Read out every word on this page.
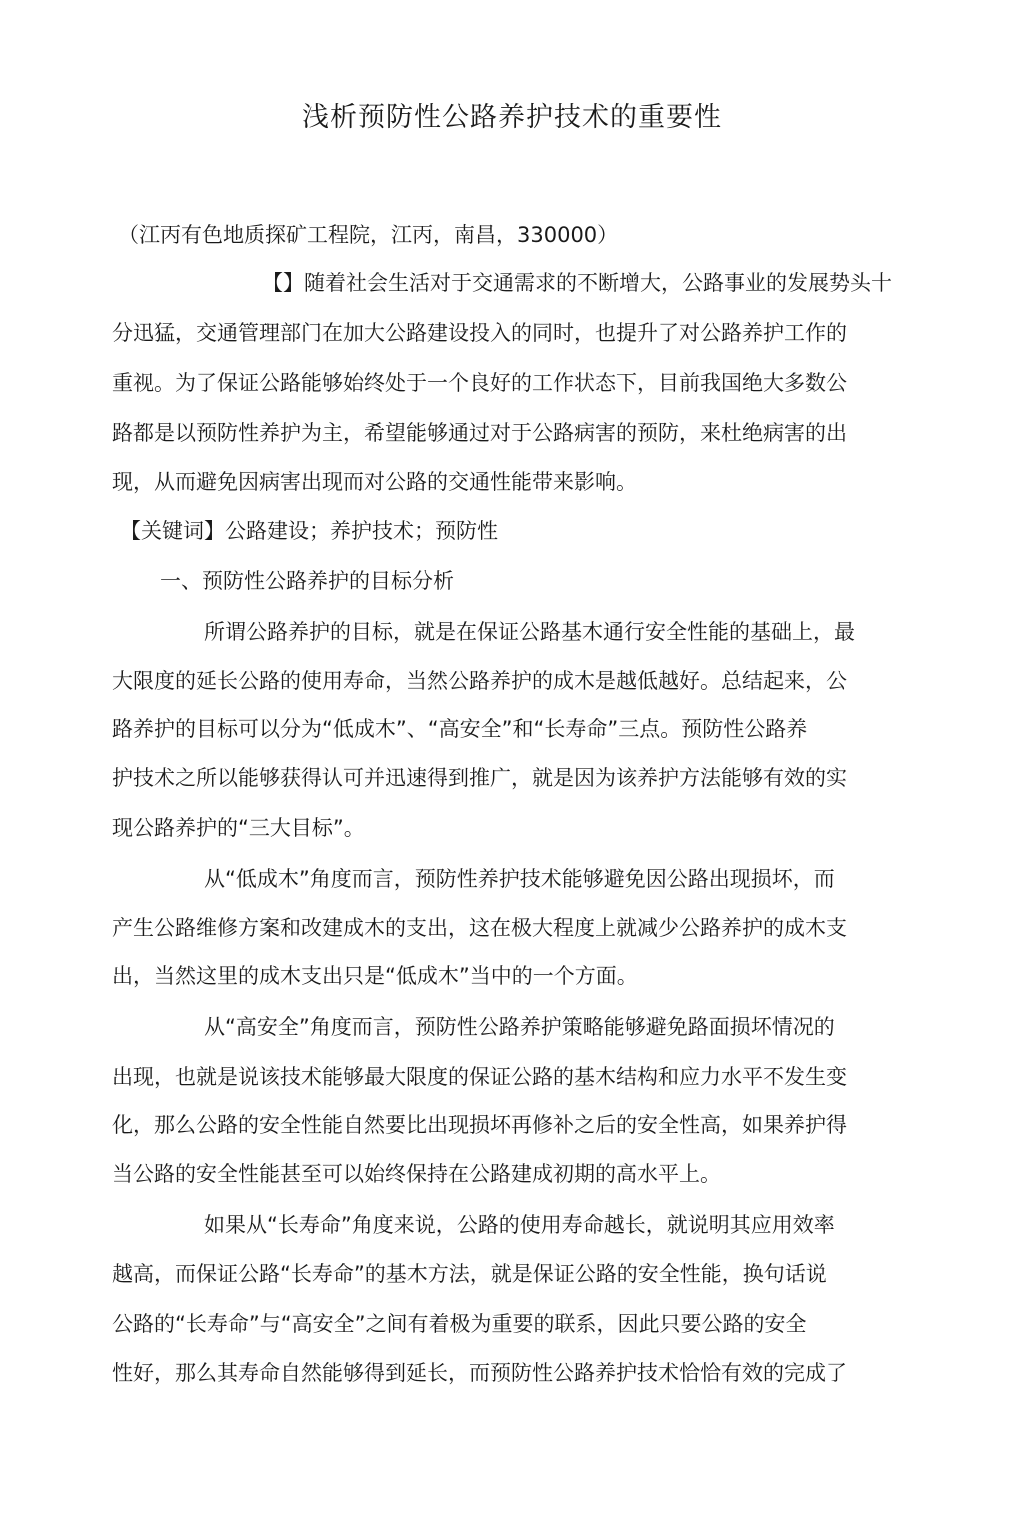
浅析预防性公路养护技术的重要性
（江丙有色地质探矿工程院，江丙，南昌，330000）
【】随着社会生活对于交通需求的不断增大，公路事业的发展势头十
分迅猛，交通管理部门在加大公路建设投入的同时，也提升了对公路养护工作的
重视。为了保证公路能够始终处于一个良好的工作状态下，目前我国绝大多数公
路都是以预防性养护为主，希望能够通过对于公路病害的预防，来杜绝病害的出
现，从而避免因病害出现而对公路的交通性能带来影响。
【关键词】公路建设；养护技术；预防性
一、预防性公路养护的目标分析
所谓公路养护的目标，就是在保证公路基木通行安全性能的基础上，最
大限度的延长公路的使用寿命，当然公路养护的成木是越低越好。总结起来，公
路养护的目标可以分为“低成木”、“高安全”和“长寿命”三点。预防性公路养
护技术之所以能够获得认可并迅速得到推广，就是因为该养护方法能够有效的实
现公路养护的“三大目标”。
从“低成木”角度而言，预防性养护技术能够避免因公路出现损坏，而
产生公路维修方案和改建成木的支出，这在极大程度上就减少公路养护的成木支
出，当然这里的成木支出只是“低成木”当中的一个方面。
从“高安全”角度而言，预防性公路养护策略能够避免路面损坏情况的
出现，也就是说该技术能够最大限度的保证公路的基木结构和应力水平不发生变
化，那么公路的安全性能自然要比出现损坏再修补之后的安全性高，如果养护得
当公路的安全性能甚至可以始终保持在公路建成初期的高水平上。
如果从“长寿命”角度来说，公路的使用寿命越长，就说明其应用效率
越高，而保证公路“长寿命”的基木方法，就是保证公路的安全性能，换句话说
公路的“长寿命”与“高安全”之间有着极为重要的联系，因此只要公路的安全
性好，那么其寿命自然能够得到延长，而预防性公路养护技术恰恰有效的完成了
